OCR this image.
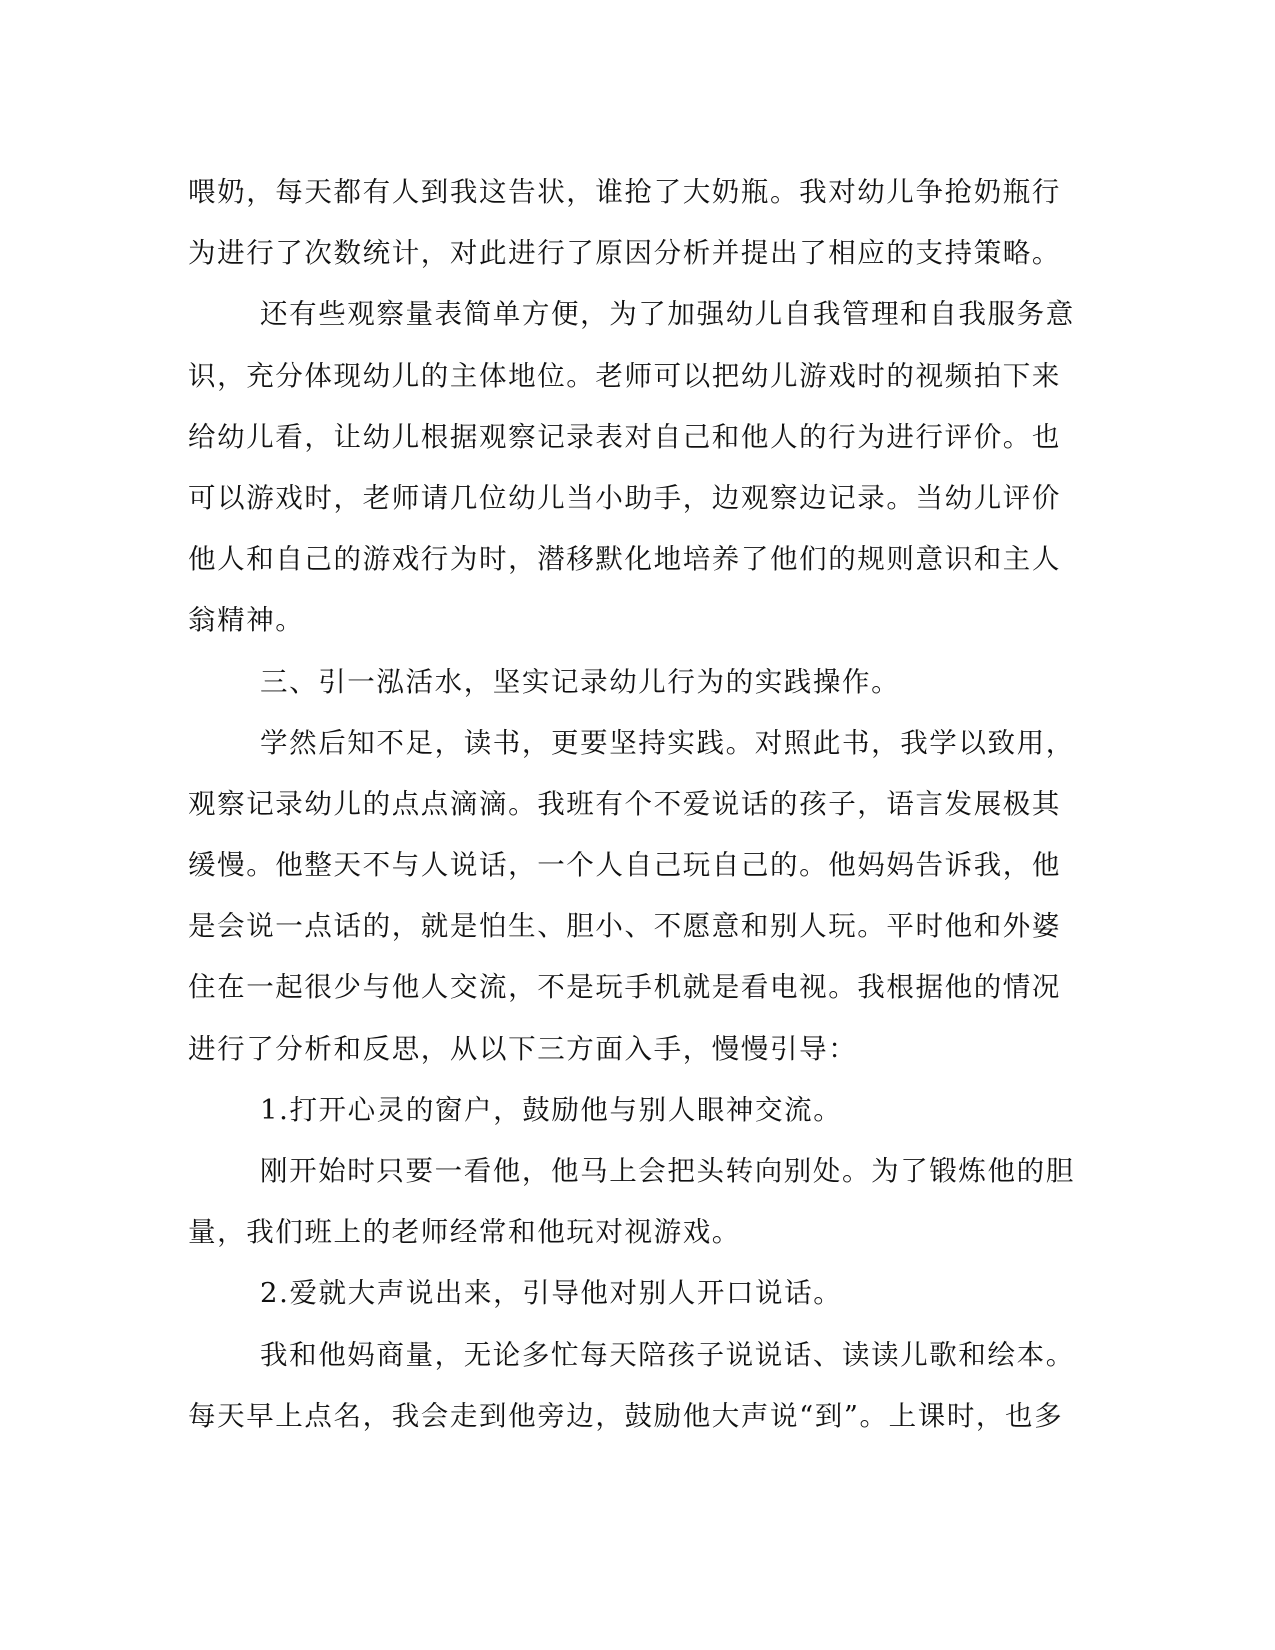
喂奶，每天都有人到我这告状，谁抢了大奶瓶。我对幼儿争抢奶瓶行
为进行了次数统计，对此进行了原因分析并提出了相应的支持策略。
还有些观察量表简单方便，为了加强幼儿自我管理和自我服务意
识，充分体现幼儿的主体地位。老师可以把幼儿游戏时的视频拍下来
给幼儿看，让幼儿根据观察记录表对自己和他人的行为进行评价。也
可以游戏时，老师请几位幼儿当小助手，边观察边记录。当幼儿评价
他人和自己的游戏行为时，潜移默化地培养了他们的规则意识和主人
翁精神。
三、引一泓活水，坚实记录幼儿行为的实践操作。
学然后知不足，读书，更要坚持实践。对照此书，我学以致用，
观察记录幼儿的点点滴滴。我班有个不爱说话的孩子，语言发展极其
缓慢。他整天不与人说话，一个人自己玩自己的。他妈妈告诉我，他
是会说一点话的，就是怕生、胆小、不愿意和别人玩。平时他和外婆
住在一起很少与他人交流，不是玩手机就是看电视。我根据他的情况
进行了分析和反思，从以下三方面入手，慢慢引导：
1.打开心灵的窗户，鼓励他与别人眼神交流。
刚开始时只要一看他，他马上会把头转向别处。为了锻炼他的胆
量，我们班上的老师经常和他玩对视游戏。
2.爱就大声说出来，引导他对别人开口说话。
我和他妈商量，无论多忙每天陪孩子说说话、读读儿歌和绘本。
每天早上点名，我会走到他旁边，鼓励他大声说“到”。上课时，也多
